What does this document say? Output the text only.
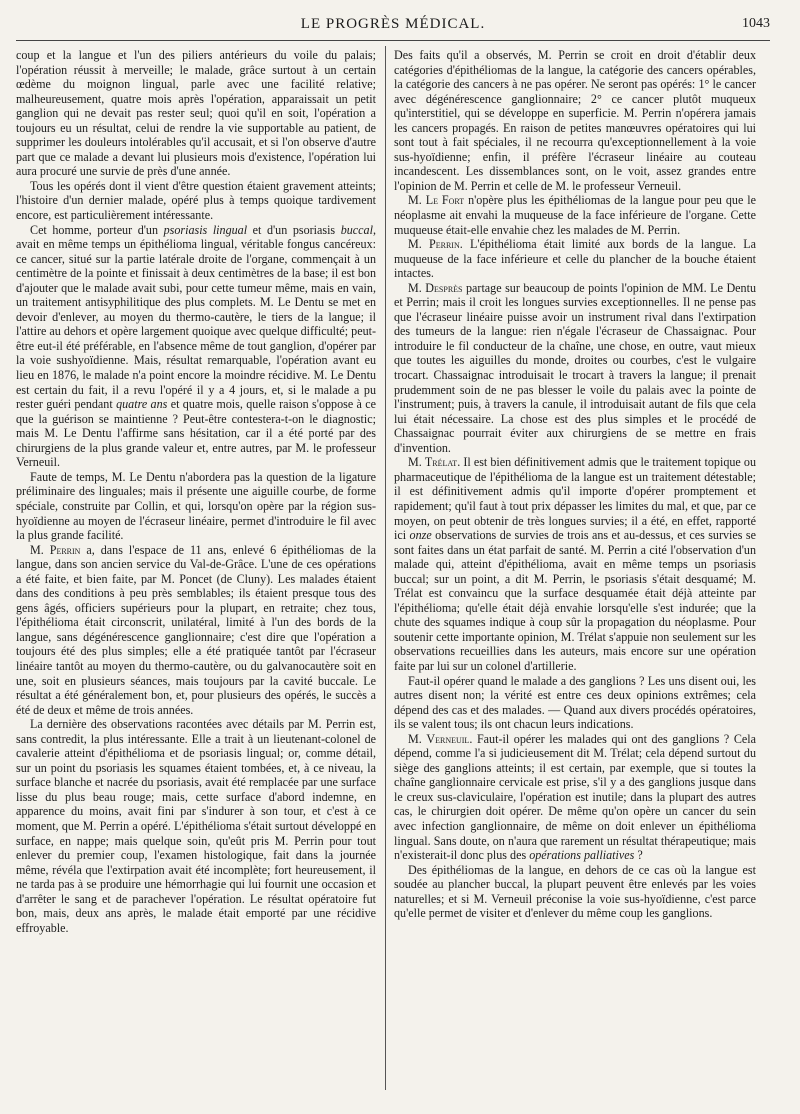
LE PROGRÈS MÉDICAL.	1043

coup et la langue et l'un des piliers antérieurs du voile du palais; l'opération réussit à merveille; le malade, grâce surtout à un certain œdème du moignon lingual, parle avec une facilité relative; malheureusement, quatre mois après l'opération, apparaissait un petit ganglion qui ne devait pas rester seul; quoi qu'il en soit, l'opération a toujours eu un résultat, celui de rendre la vie supportable au patient, de supprimer les douleurs intolérables qu'il accusait, et si l'on observe d'autre part que ce malade a devant lui plusieurs mois d'existence, l'opération lui aura procuré une survie de près d'une année.

Tous les opérés dont il vient d'être question étaient gravement atteints; l'histoire d'un dernier malade, opéré plus à temps quoique tardivement encore, est particulièrement intéressante.

Cet homme, porteur d'un psoriasis lingual et d'un psoriasis buccal, avait en même temps un épithélioma lingual, véritable fongus cancéreux: ce cancer, situé sur la partie latérale droite de l'organe, commençait à un centimètre de la pointe et finissait à deux centimètres de la base; il est bon d'ajouter que le malade avait subi, pour cette tumeur même, mais en vain, un traitement antisyphilitique des plus complets. M. Le Dentu se met en devoir d'enlever, au moyen du thermo-cautère, le tiers de la langue; il l'attire au dehors et opère largement quoique avec quelque difficulté; peut-être eut-il été préférable, en l'absence même de tout ganglion, d'opérer par la voie sushyoïdienne. Mais, résultat remarquable, l'opération avant eu lieu en 1876, le malade n'a point encore la moindre récidive. M. Le Dentu est certain du fait, il a revu l'opéré il y a 4 jours, et, si le malade a pu rester guéri pendant quatre ans et quatre mois, quelle raison s'oppose à ce que la guérison se maintienne ? Peut-être contestera-t-on le diagnostic; mais M. Le Dentu l'affirme sans hésitation, car il a été porté par des chirurgiens de la plus grande valeur et, entre autres, par M. le professeur Verneuil.

Faute de temps, M. Le Dentu n'abordera pas la question de la ligature préliminaire des linguales; mais il présente une aiguille courbe, de forme spéciale, construite par Collin, et qui, lorsqu'on opère par la région sus-hyoïdienne au moyen de l'écraseur linéaire, permet d'introduire le fil avec la plus grande facilité.

M. Perrin a, dans l'espace de 11 ans, enlevé 6 épithéliomas de la langue, dans son ancien service du Val-de-Grâce. L'une de ces opérations a été faite, et bien faite, par M. Poncet (de Cluny). Les malades étaient dans des conditions à peu près semblables; ils étaient presque tous des gens âgés, officiers supérieurs pour la plupart, en retraite; chez tous, l'épithélioma était circonscrit, unilatéral, limité à l'un des bords de la langue, sans dégénérescence ganglionnaire; c'est dire que l'opération a toujours été des plus simples; elle a été pratiquée tantôt par l'écraseur linéaire tantôt au moyen du thermo-cautère, ou du galvanocautère soit en une, soit en plusieurs séances, mais toujours par la cavité buccale. Le résultat a été généralement bon, et, pour plusieurs des opérés, le succès a été de deux et même de trois années.

La dernière des observations racontées avec détails par M. Perrin est, sans contredit, la plus intéressante. Elle a trait à un lieutenant-colonel de cavalerie atteint d'épithélioma et de psoriasis lingual; or, comme détail, sur un point du psoriasis les squames étaient tombées, et, à ce niveau, la surface blanche et nacrée du psoriasis, avait été remplacée par une surface lisse du plus beau rouge; mais, cette surface d'abord indemne, en apparence du moins, avait fini par s'indurer à son tour, et c'est à ce moment, que M. Perrin a opéré. L'épithélioma s'était surtout développé en surface, en nappe; mais quelque soin, qu'eût pris M. Perrin pour tout enlever du premier coup, l'examen histologique, fait dans la journée même, révéla que l'extirpation avait été incomplète; fort heureusement, il ne tarda pas à se produire une hémorrhagie qui lui fournit une occasion et d'arrêter le sang et de parachever l'opération. Le résultat opératoire fut bon, mais, deux ans après, le malade était emporté par une récidive effroyable.

Des faits qu'il a observés, M. Perrin se croit en droit d'établir deux catégories d'épithéliomas de la langue, la catégorie des cancers opérables, la catégorie des cancers à ne pas opérer. Ne seront pas opérés: 1° le cancer avec dégénérescence ganglionnaire; 2° ce cancer plutôt muqueux qu'interstitiel, qui se développe en superficie. M. Perrin n'opérera jamais les cancers propagés. En raison de petites manœuvres opératoires qui lui sont tout à fait spéciales, il ne recourra qu'exceptionnellement à la voie sus-hyoïdienne; enfin, il préfère l'écraseur linéaire au couteau incandescent. Les dissemblances sont, on le voit, assez grandes entre l'opinion de M. Perrin et celle de M. le professeur Verneuil.

M. Le Fort n'opère plus les épithéliomas de la langue pour peu que le néoplasme ait envahi la muqueuse de la face inférieure de l'organe. Cette muqueuse était-elle envahie chez les malades de M. Perrin.

M. Perrin. L'épithélioma était limité aux bords de la langue. La muqueuse de la face inférieure et celle du plancher de la bouche étaient intactes.

M. Desprès partage sur beaucoup de points l'opinion de MM. Le Dentu et Perrin; mais il croit les longues survies exceptionnelles. Il ne pense pas que l'écraseur linéaire puisse avoir un instrument rival dans l'extirpation des tumeurs de la langue: rien n'égale l'écraseur de Chassaignac. Pour introduire le fil conducteur de la chaîne, une chose, en outre, vaut mieux que toutes les aiguilles du monde, droites ou courbes, c'est le vulgaire trocart. Chassaignac introduisait le trocart à travers la langue; il prenait prudemment soin de ne pas blesser le voile du palais avec la pointe de l'instrument; puis, à travers la canule, il introduisait autant de fils que cela lui était nécessaire. La chose est des plus simples et le procédé de Chassaignac pourrait éviter aux chirurgiens de se mettre en frais d'invention.

M. Trélat. Il est bien définitivement admis que le traitement topique ou pharmaceutique de l'épithélioma de la langue est un traitement détestable; il est définitivement admis qu'il importe d'opérer promptement et rapidement; qu'il faut à tout prix dépasser les limites du mal, et que, par ce moyen, on peut obtenir de très longues survies; il a été, en effet, rapporté ici onze observations de survies de trois ans et au-dessus, et ces survies se sont faites dans un état parfait de santé. M. Perrin a cité l'observation d'un malade qui, atteint d'épithélioma, avait en même temps un psoriasis buccal; sur un point, a dit M. Perrin, le psoriasis s'était desquamé; M. Trélat est convaincu que la surface desquamée était déjà atteinte par l'épithélioma; qu'elle était déjà envahie lorsqu'elle s'est indurée; que la chute des squames indique à coup sûr la propagation du néoplasme. Pour soutenir cette importante opinion, M. Trélat s'appuie non seulement sur les observations recueillies dans les auteurs, mais encore sur une opération faite par lui sur un colonel d'artillerie.

Faut-il opérer quand le malade a des ganglions ? Les uns disent oui, les autres disent non; la vérité est entre ces deux opinions extrêmes; cela dépend des cas et des malades. — Quand aux divers procédés opératoires, ils se valent tous; ils ont chacun leurs indications.

M. Verneuil. Faut-il opérer les malades qui ont des ganglions ? Cela dépend, comme l'a si judicieusement dit M. Trélat; cela dépend surtout du siège des ganglions atteints; il est certain, par exemple, que si toutes la chaîne ganglionnaire cervicale est prise, s'il y a des ganglions jusque dans le creux sus-claviculaire, l'opération est inutile; dans la plupart des autres cas, le chirurgien doit opérer. De même qu'on opère un cancer du sein avec infection ganglionnaire, de même on doit enlever un épithélioma lingual. Sans doute, on n'aura que rarement un résultat thérapeutique; mais n'existerait-il donc plus des opérations palliatives ?

Des épithéliomas de la langue, en dehors de ce cas où la langue est soudée au plancher buccal, la plupart peuvent être enlevés par les voies naturelles; et si M. Verneuil préconise la voie sus-hyoïdienne, c'est parce qu'elle permet de visiter et d'enlever du même coup les ganglions.
